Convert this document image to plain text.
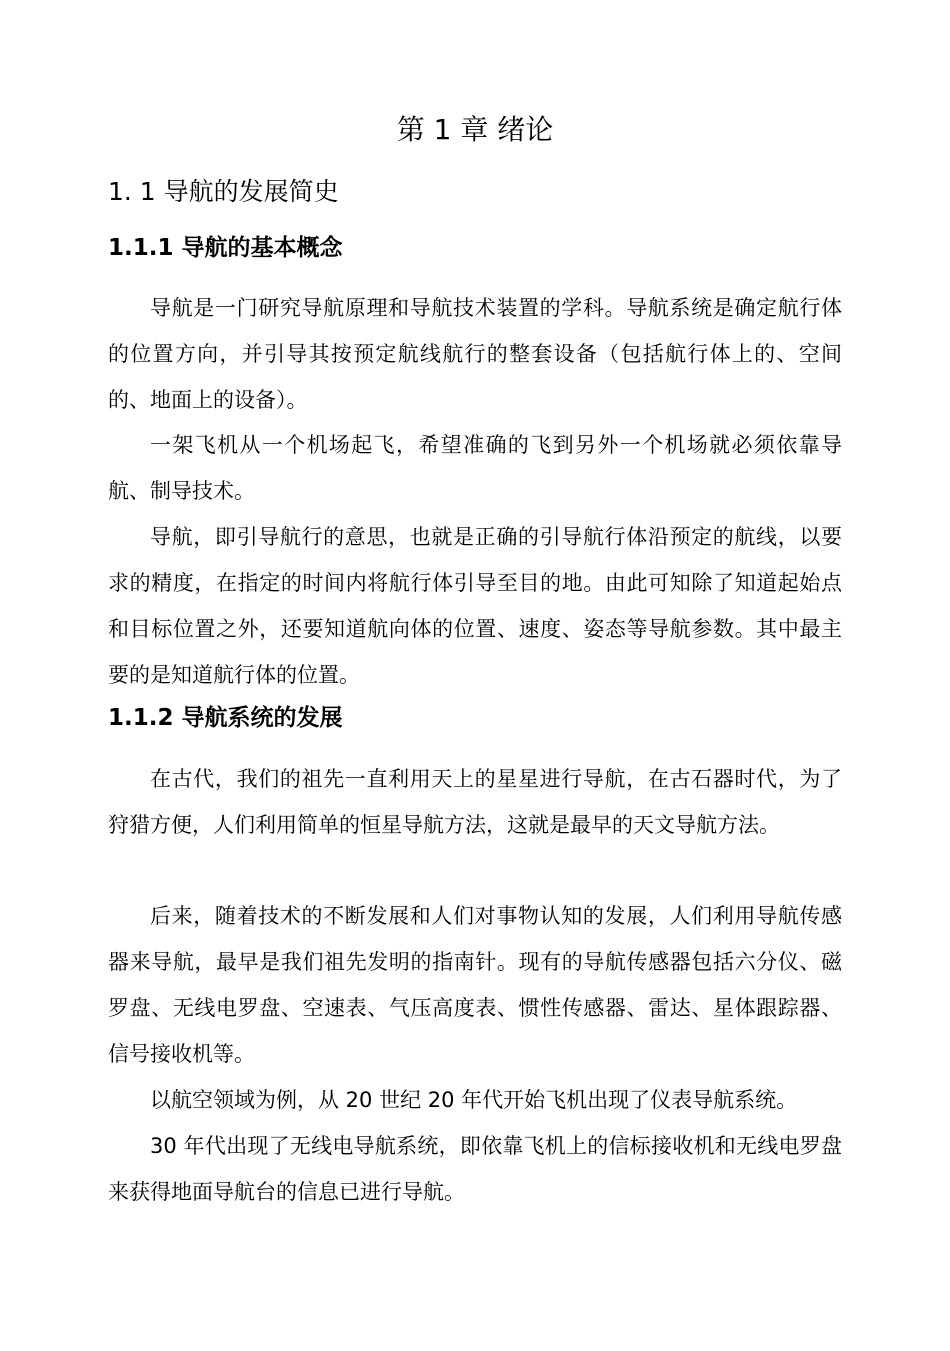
第 1 章 绪论
1. 1 导航的发展简史
1.1.1 导航的基本概念

导航是一门研究导航原理和导航技术装置的学科。导航系统是确定航行体的位置方向，并引导其按预定航线航行的整套设备（包括航行体上的、空间的、地面上的设备）。

一架飞机从一个机场起飞，希望准确的飞到另外一个机场就必须依靠导航、制导技术。

导航，即引导航行的意思，也就是正确的引导航行体沿预定的航线，以要求的精度，在指定的时间内将航行体引导至目的地。由此可知除了知道起始点和目标位置之外，还要知道航向体的位置、速度、姿态等导航参数。其中最主要的是知道航行体的位置。

1.1.2 导航系统的发展

在古代，我们的祖先一直利用天上的星星进行导航，在古石器时代，为了狩猎方便，人们利用简单的恒星导航方法，这就是最早的天文导航方法。

后来，随着技术的不断发展和人们对事物认知的发展，人们利用导航传感器来导航，最早是我们祖先发明的指南针。现有的导航传感器包括六分仪、磁罗盘、无线电罗盘、空速表、气压高度表、惯性传感器、雷达、星体跟踪器、信号接收机等。

以航空领域为例，从 20 世纪 20 年代开始飞机出现了仪表导航系统。

30 年代出现了无线电导航系统，即依靠飞机上的信标接收机和无线电罗盘来获得地面导航台的信息已进行导航。
